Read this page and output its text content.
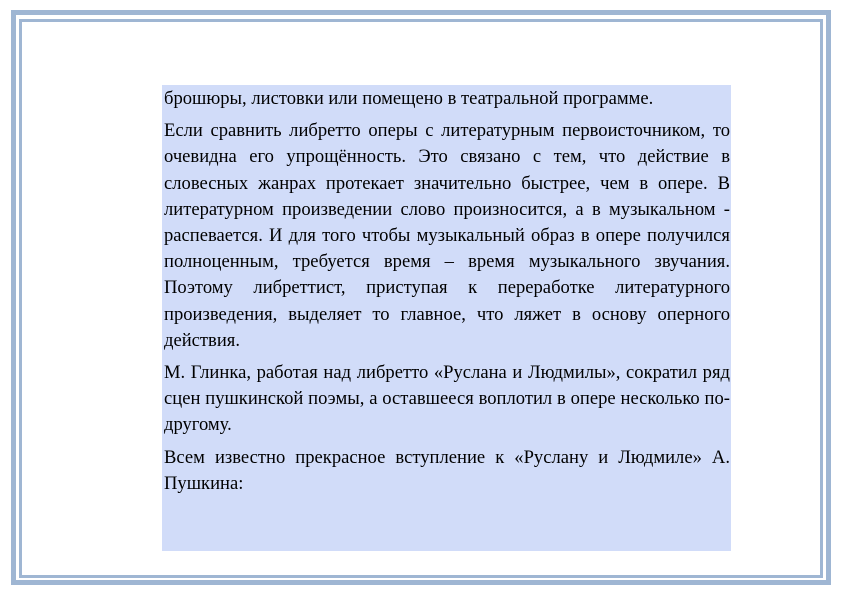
брошюры, листовки или помещено в театральной программе.

Если сравнить либретто оперы с литературным первоисточником, то очевидна его упрощённость. Это связано с тем, что действие в словесных жанрах протекает значительно быстрее, чем в опере. В литературном произведении слово произносится, а в музыкальном - распевается. И для того чтобы музыкальный образ в опере получился полноценным, требуется время – время музыкального звучания. Поэтому либреттист, приступая к переработке литературного произведения, выделяет то главное, что ляжет в основу оперного действия.

М. Глинка, работая над либретто «Руслана и Людмилы», сократил ряд сцен пушкинской поэмы, а оставшееся воплотил в опере несколько по-другому.

Всем известно прекрасное вступление к «Руслану и Людмиле» А. Пушкина:
